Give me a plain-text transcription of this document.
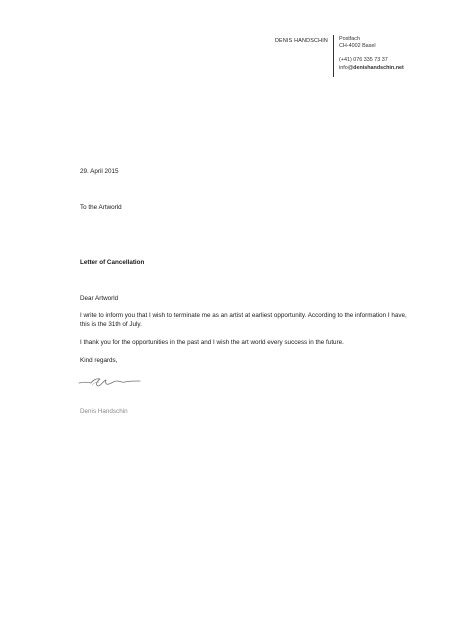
DENIS HANDSCHIN Postfach
CH-4002 Basel
(+41) 076 335 73 37
info@denishandschin.net
29. April 2015
To the Artworld
Letter of Cancellation
Dear Artworld
I write to inform you that I wish to terminate me as an artist at earliest opportunity. According to the information I have, this is the 31th of July.
I thank you for the opportunities in the past and I wish the art world every success in the future.
Kind regards,
Denis Handschin
